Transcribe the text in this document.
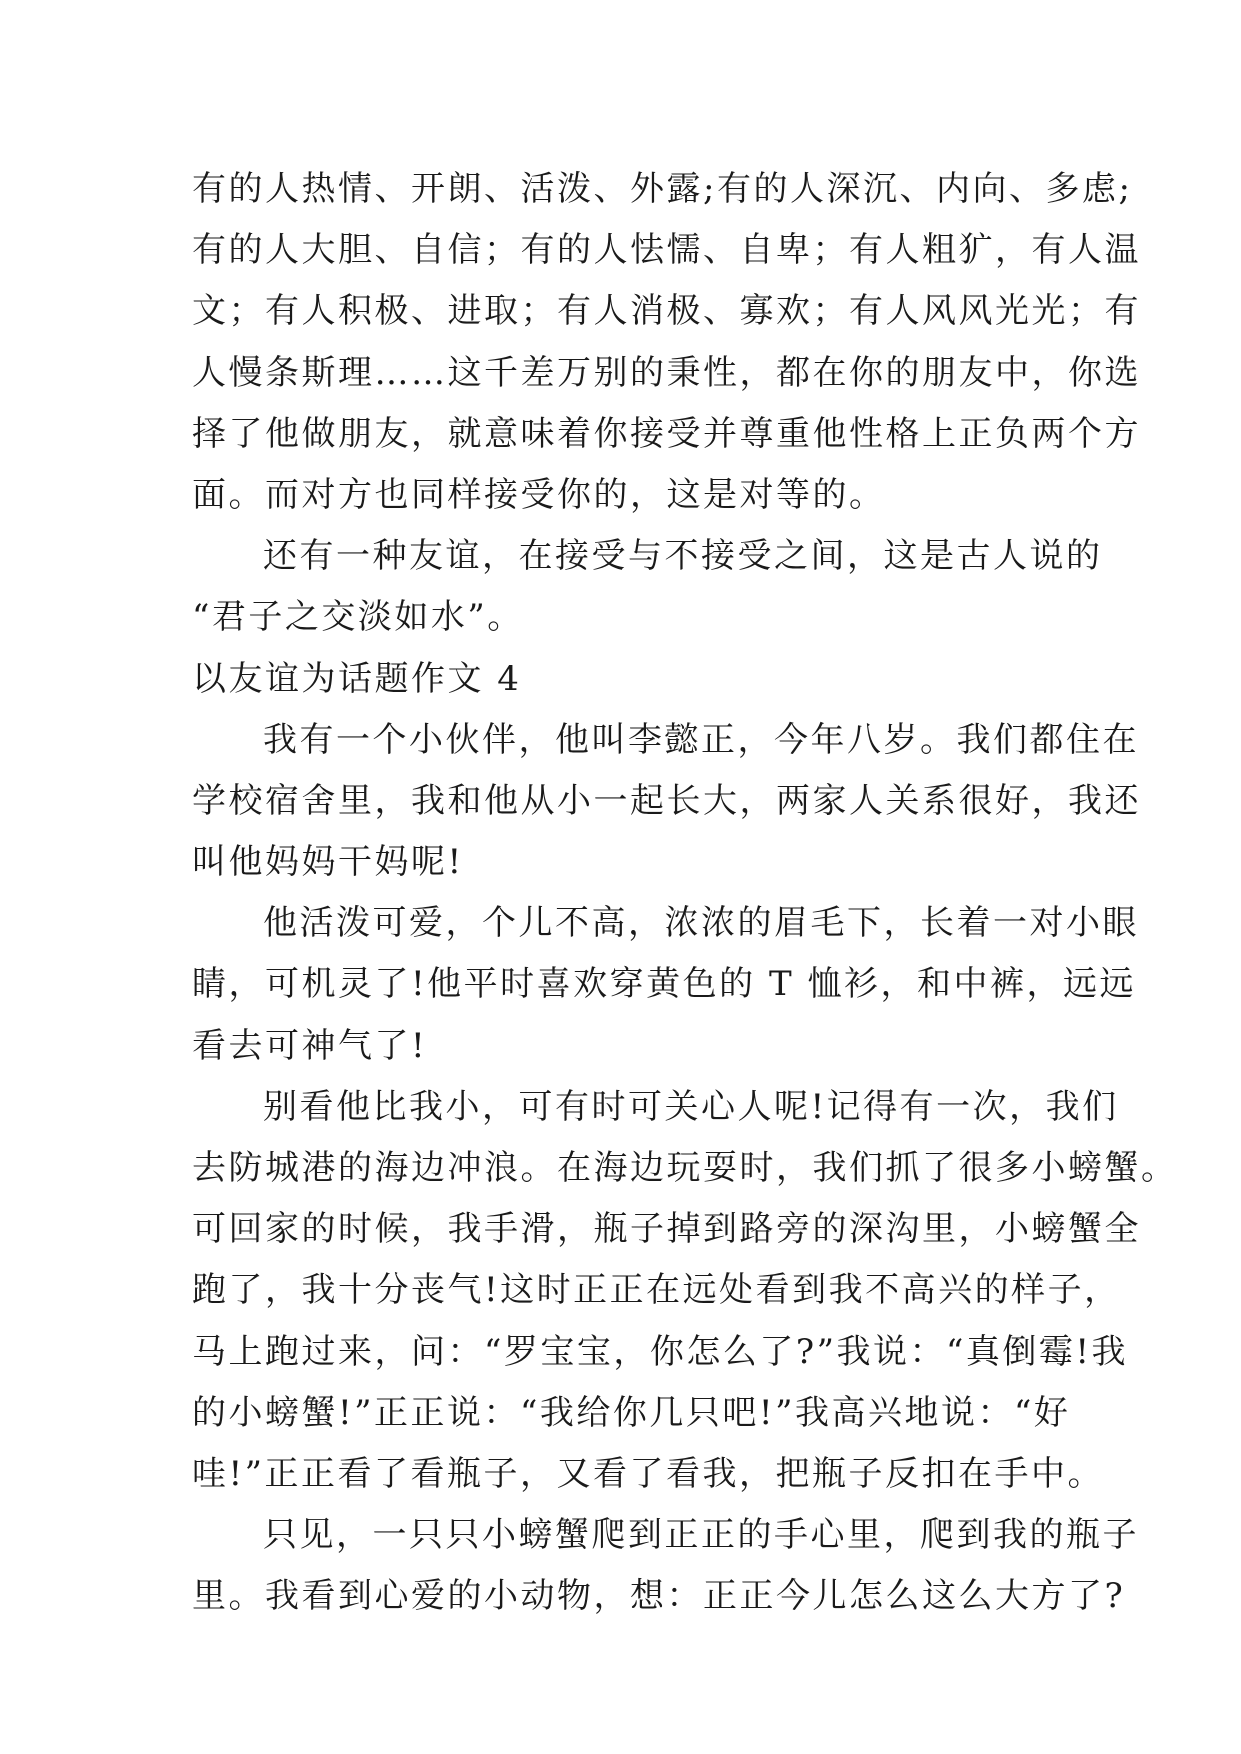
有的人热情、开朗、活泼、外露;有的人深沉、内向、多虑;
有的人大胆、自信；有的人怯懦、自卑；有人粗犷，有人温
文；有人积极、进取；有人消极、寡欢；有人风风光光；有
人慢条斯理……这千差万别的秉性，都在你的朋友中，你选
择了他做朋友，就意味着你接受并尊重他性格上正负两个方
面。而对方也同样接受你的，这是对等的。
还有一种友谊，在接受与不接受之间，这是古人说的
“君子之交淡如水”。
以友谊为话题作文 4
我有一个小伙伴，他叫李懿正，今年八岁。我们都住在
学校宿舍里，我和他从小一起长大，两家人关系很好，我还
叫他妈妈干妈呢!
他活泼可爱，个儿不高，浓浓的眉毛下，长着一对小眼
睛，可机灵了!他平时喜欢穿黄色的 T 恤衫，和中裤，远远
看去可神气了!
别看他比我小，可有时可关心人呢!记得有一次，我们
去防城港的海边冲浪。在海边玩耍时，我们抓了很多小螃蟹。
可回家的时候，我手滑，瓶子掉到路旁的深沟里，小螃蟹全
跑了，我十分丧气!这时正正在远处看到我不高兴的样子，
马上跑过来，问：“罗宝宝，你怎么了?”我说：“真倒霉!我
的小螃蟹!”正正说：“我给你几只吧!”我高兴地说：“好
哇!”正正看了看瓶子，又看了看我，把瓶子反扣在手中。
只见，一只只小螃蟹爬到正正的手心里，爬到我的瓶子
里。我看到心爱的小动物，想：正正今儿怎么这么大方了?
